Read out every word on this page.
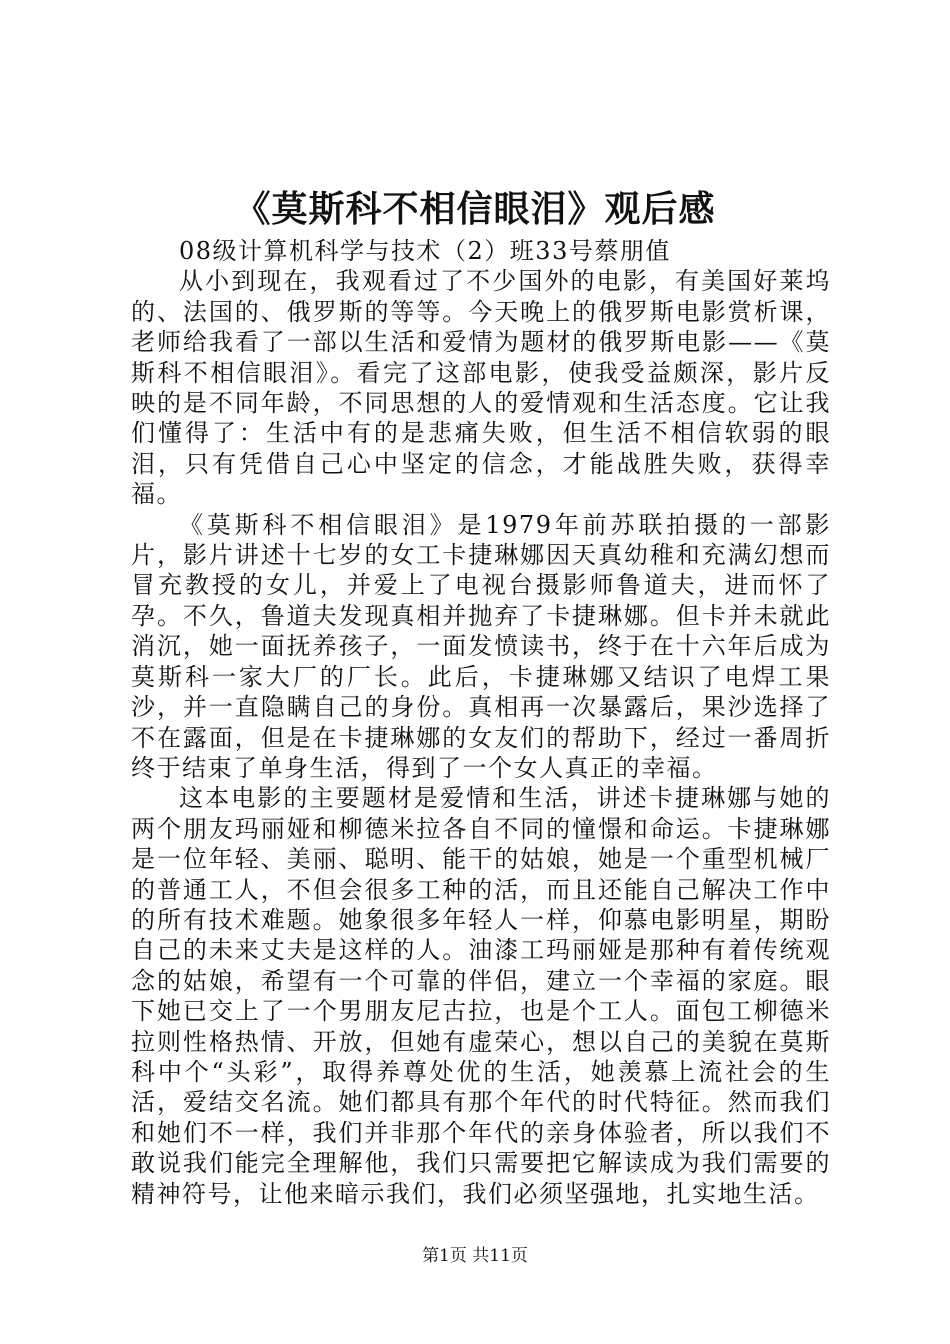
《莫斯科不相信眼泪》观后感
08级计算机科学与技术（2）班33号蔡朋值

从小到现在，我观看过了不少国外的电影，有美国好莱坞的、法国的、俄罗斯的等等。今天晚上的俄罗斯电影赏析课，老师给我看了一部以生活和爱情为题材的俄罗斯电影——《莫斯科不相信眼泪》。看完了这部电影，使我受益颇深，影片反映的是不同年龄，不同思想的人的爱情观和生活态度。它让我们懂得了：生活中有的是悲痛失败，但生活不相信软弱的眼泪，只有凭借自己心中坚定的信念，才能战胜失败，获得幸福。

《莫斯科不相信眼泪》是1979年前苏联拍摄的一部影片，影片讲述十七岁的女工卡捷琳娜因天真幼稚和充满幻想而冒充教授的女儿，并爱上了电视台摄影师鲁道夫，进而怀了孕。不久，鲁道夫发现真相并抛弃了卡捷琳娜。但卡并未就此消沉，她一面抚养孩子，一面发愤读书，终于在十六年后成为莫斯科一家大厂的厂长。此后，卡捷琳娜又结识了电焊工果沙，并一直隐瞒自己的身份。真相再一次暴露后，果沙选择了不在露面，但是在卡捷琳娜的女友们的帮助下，经过一番周折终于结束了单身生活，得到了一个女人真正的幸福。

这本电影的主要题材是爱情和生活，讲述卡捷琳娜与她的两个朋友玛丽娅和柳德米拉各自不同的憧憬和命运。卡捷琳娜是一位年轻、美丽、聪明、能干的姑娘，她是一个重型机械厂的普通工人，不但会很多工种的活，而且还能自己解决工作中的所有技术难题。她象很多年轻人一样，仰慕电影明星，期盼自己的未来丈夫是这样的人。油漆工玛丽娅是那种有着传统观念的姑娘，希望有一个可靠的伴侣，建立一个幸福的家庭。眼下她已交上了一个男朋友尼古拉，也是个工人。面包工柳德米拉则性格热情、开放，但她有虚荣心，想以自己的美貌在莫斯科中个“头彩”，取得养尊处优的生活，她羡慕上流社会的生活，爱结交名流。她们都具有那个年代的时代特征。然而我们和她们不一样，我们并非那个年代的亲身体验者，所以我们不敢说我们能完全理解他，我们只需要把它解读成为我们需要的精神符号，让他来暗示我们，我们必须坚强地，扎实地生活。

第1页 共11页
